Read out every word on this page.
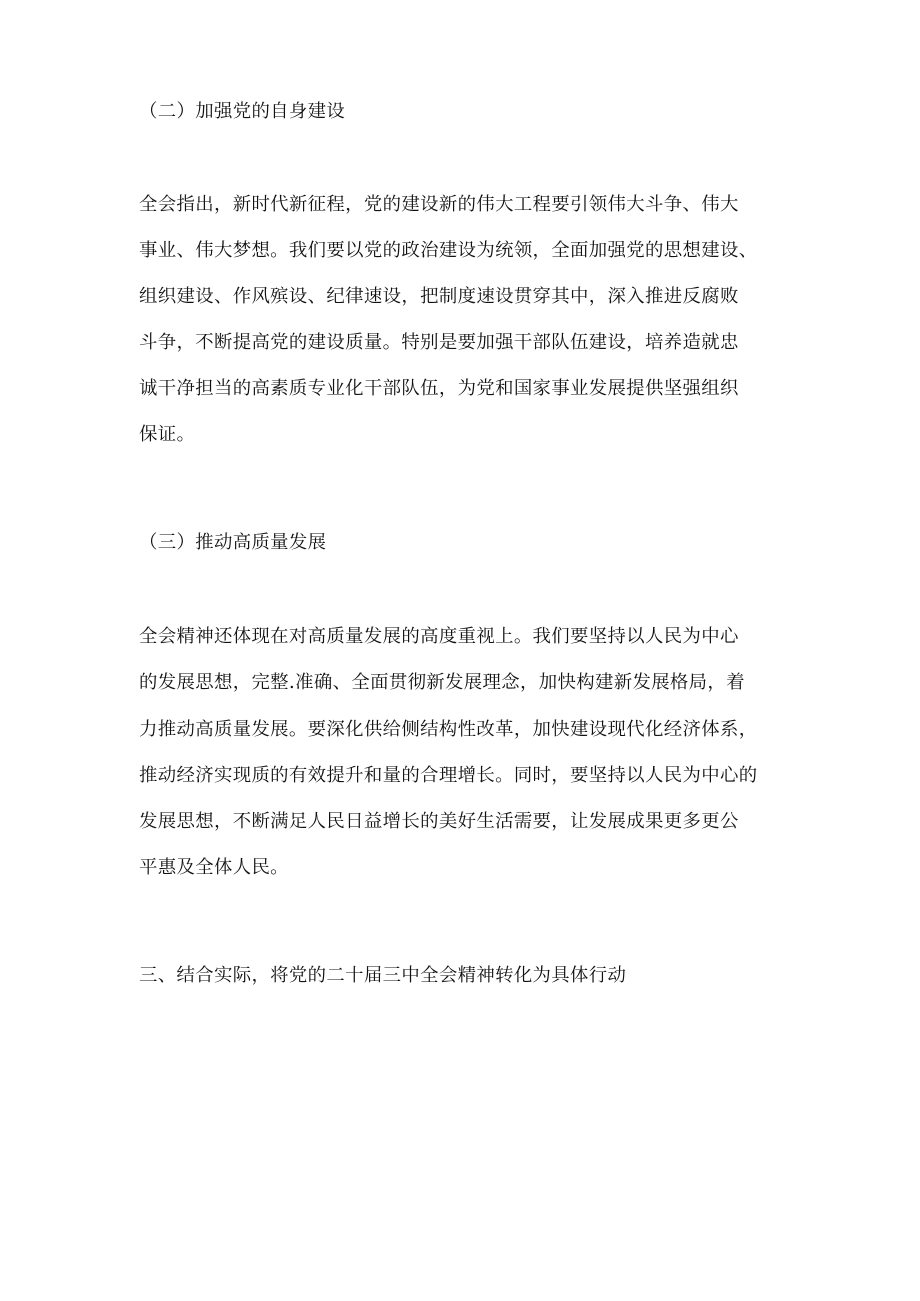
（二）加强党的自身建设
全会指出，新时代新征程，党的建设新的伟大工程要引领伟大斗争、伟大
事业、伟大梦想。我们要以党的政治建设为统领，全面加强党的思想建设、
组织建设、作风殡设、纪律速设，把制度速设贯穿其中，深入推进反腐败
斗争，不断提高党的建设质量。特别是要加强干部队伍建设，培养造就忠
诚干净担当的高素质专业化干部队伍，为党和国家事业发展提供坚强组织
保证。
（三）推动高质量发展
全会精神还体现在对高质量发展的高度重视上。我们要坚持以人民为中心
的发展思想，完整.准确、全面贯彻新发展理念，加快构建新发展格局，着
力推动高质量发展。要深化供给侧结构性改革，加快建设现代化经济体系，
推动经济实现质的有效提升和量的合理增长。同时，要坚持以人民为中心的
发展思想，不断满足人民日益增长的美好生活需要，让发展成果更多更公
平惠及全体人民。
三、结合实际，将党的二十届三中全会精神转化为具体行动
